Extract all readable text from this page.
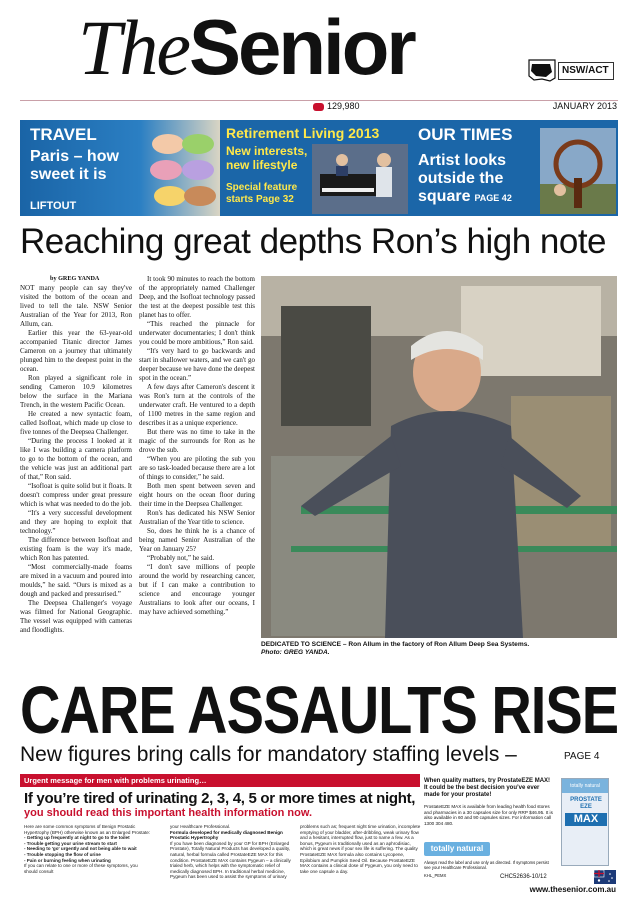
TheSenior	NSW/ACT
129,980	JANUARY 2013
TRAVEL
Paris – how sweet it is
LIFTOUT
Retirement Living 2013
New interests, new lifestyle
Special feature starts Page 32
OUR TIMES
Artist looks outside the square PAGE 42
Reaching great depths Ron’s high note
by GREG YANDA

NOT many people can say they've visited the bottom of the ocean and lived to tell the tale. NSW Senior Australian of the Year for 2013, Ron Allum, can.

Earlier this year the 63-year-old accompanied Titanic director James Cameron on a journey that ultimately plunged him to the deepest point in the ocean.

Ron played a significant role in sending Cameron 10.9 kilometres below the surface in the Mariana Trench, in the western Pacific Ocean.

He created a new syntactic foam, called Isofloat, which made up close to five tonnes of the Deepsea Challenger.

“During the process I looked at it like I was building a camera platform to go to the bottom of the ocean, and the vehicle was just an additional part of that,” Ron said.

“Isofloat is quite solid but it floats. It doesn't compress under great pressure which is what was needed to do the job.

“It's a very successful development and they are hoping to exploit that technology.”

The difference between Isofloat and existing foam is the way it's made, which Ron has patented.

“Most commercially-made foams are mixed in a vacuum and poured into moulds,” he said. “Ours is mixed as a dough and packed and pressurised.”

The Deepsea Challenger's voyage was filmed for National Geographic. The vessel was equipped with cameras and floodlights.

It took 90 minutes to reach the bottom of the appropriately named Challenger Deep, and the Isofloat technology passed the test at the deepest possible test this planet has to offer.

“This reached the pinnacle for underwater documentaries; I don't think you could be more ambitious,” Ron said.

“It's very hard to go backwards and start in shallower waters, and we can't go deeper because we have done the deepest spot in the ocean.”

A few days after Cameron's descent it was Ron's turn at the controls of the underwater craft. He ventured to a depth of 1100 metres in the same region and describes it as a unique experience.

But there was no time to take in the magic of the surrounds for Ron as he drove the sub.

“When you are piloting the sub you are so task-loaded because there are a lot of things to consider,” he said.

Both men spent between seven and eight hours on the ocean floor during their time in the Deepsea Challenger.

Ron's has dedicated his NSW Senior Australian of the Year title to science.

So, does he think he is a chance of being named Senior Australian of the Year on January 25?

“Probably not,” he said.

“I don't save millions of people around the world by researching cancer, but if I can make a contribution to science and encourage younger Australians to look after our oceans, I may have achieved something.”

DEDICATED TO SCIENCE – Ron Allum in the factory of Ron Allum Deep Sea Systems.
Photo: GREG YANDA.
CARE ASSAULTS RISE
New figures bring calls for mandatory staffing levels –	PAGE 4
Urgent message for men with problems urinating…
If you’re tired of urinating 2, 3, 4, 5 or more times at night,
you should read this important health information now.
Here are some common symptoms of Benign Prostatic Hypertrophy (BPH) otherwise known as an Enlarged Prostate:
- Getting up frequently at night to go to the toilet
- Trouble getting your urine stream to start
- Needing to 'go' urgently and not being able to wait
- Trouble stopping the flow of urine
- Pain or burning feeling when urinating
If you can relate to one or more of these symptoms, you should consult
your Healthcare Professional.
Formula developed for medically diagnosed Benign Prostatic Hypertrophy
If you have been diagnosed by your GP for BPH (Enlarged Prostate), Totally Natural Products has developed a quality, natural, herbal formula called ProstateEZE MAX for this condition. ProstateEZE MAX contains Pygeum – a clinically trialed herb, which helps with the symptomatic relief of medically diagnosed BPH. In traditional herbal medicine, Pygeum has been used to assist the symptoms of urinary
problems such as; frequent night time urination, incomplete emptying of your bladder, after-dribbling, weak urinary flow and a hesitant, interrupted flow, just to name a few. As a bonus, Pygeum is traditionally used as an aphrodisiac, which is great news if your sex life is suffering. The quality ProstateEZE MAX formula also contains Lycopene, Epilobium and Pumpkin Seed Oil. Because ProstateEZE MAX contains a clinical dose of Pygeum, you only need to take one capsule a day.
When quality matters, try ProstateEZE MAX! It could be the best decision you’ve ever made for your prostate!
ProstateEZE MAX is available from leading health food stores and pharmacies in a 30 capsules size for only RRP $46.95. It is also available in 60 and 90 capsules sizes. For information call 1300 304 480.
totally natural
Always read the label and use only as directed. If symptoms persist see your Healthcare Professional.
KHL_PEMX	CHC52636-10/12
totally natural
PROSTATE EZE
MAX
www.thesenior.com.au
